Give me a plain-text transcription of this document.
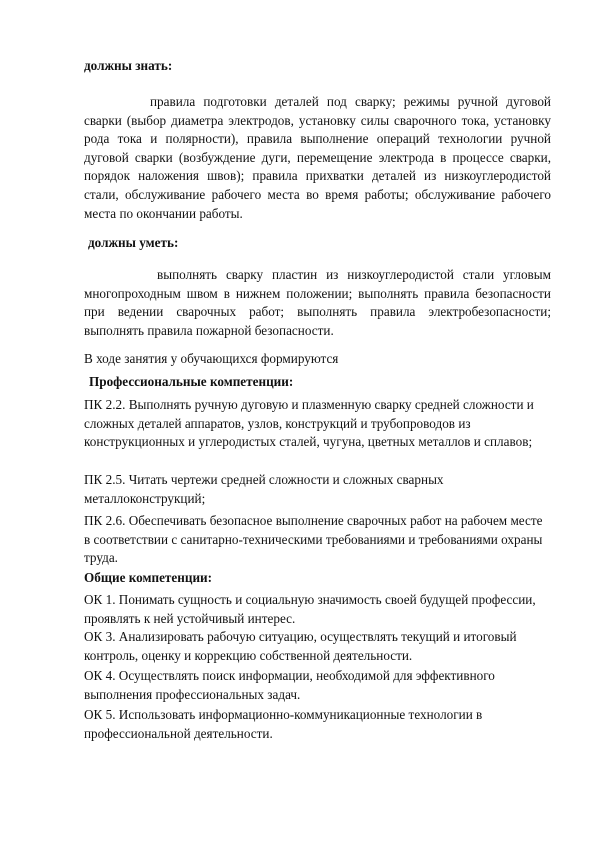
должны знать:
правила подготовки деталей под сварку; режимы ручной дуговой сварки (выбор диаметра электродов, установку силы сварочного тока, установку рода тока и полярности), правила выполнение операций технологии ручной дуговой сварки (возбуждение дуги, перемещение электрода в процессе сварки, порядок наложения швов); правила прихватки деталей из низкоуглеродистой стали, обслуживание рабочего места во время работы; обслуживание рабочего места по окончании работы.
должны уметь:
выполнять сварку пластин из низкоуглеродистой стали угловым многопроходным швом в нижнем положении; выполнять правила безопасности при ведении сварочных работ; выполнять правила электробезопасности; выполнять правила пожарной безопасности.
В ходе занятия у обучающихся формируются
Профессиональные компетенции:
ПК 2.2. Выполнять ручную дуговую и плазменную сварку средней сложности и сложных деталей аппаратов, узлов, конструкций и трубопроводов из конструкционных и углеродистых сталей, чугуна, цветных металлов и сплавов;
ПК 2.5. Читать чертежи средней сложности и сложных сварных металлоконструкций;
ПК 2.6. Обеспечивать безопасное выполнение сварочных работ на рабочем месте в соответствии с санитарно-техническими требованиями и требованиями охраны труда.
Общие компетенции:
ОК 1. Понимать сущность и социальную значимость своей будущей профессии, проявлять к ней устойчивый интерес.
ОК 3. Анализировать рабочую ситуацию, осуществлять текущий и итоговый контроль, оценку и коррекцию собственной деятельности.
ОК 4. Осуществлять поиск информации, необходимой для эффективного выполнения профессиональных задач.
ОК 5. Использовать информационно-коммуникационные технологии в профессиональной деятельности.
